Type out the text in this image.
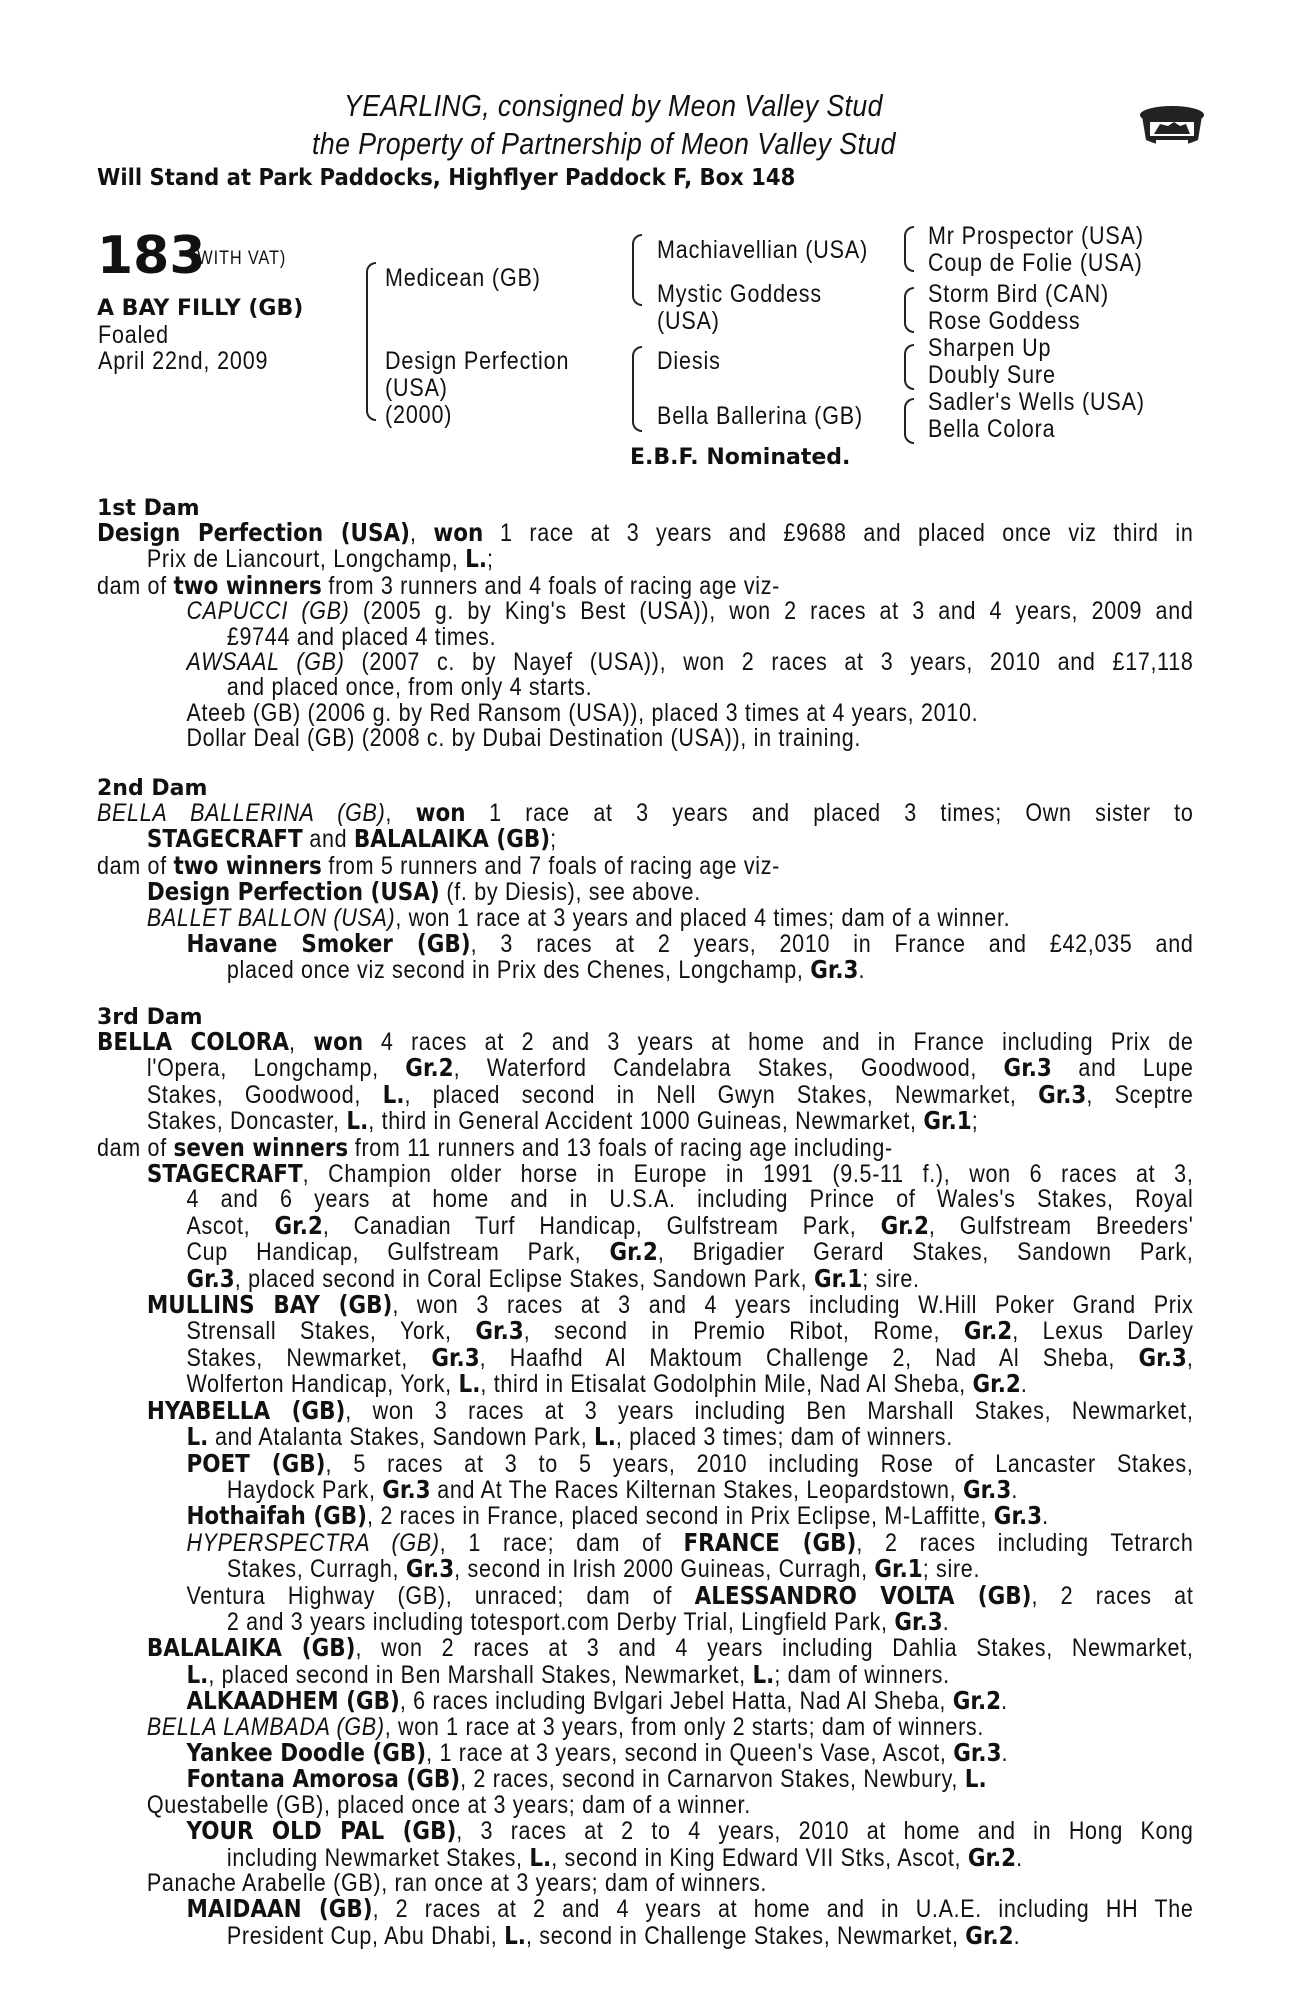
YEARLING, consigned by Meon Valley Stud
the Property of Partnership of Meon Valley Stud
Will Stand at Park Paddocks, Highflyer Paddock F, Box 148
183
(WITH VAT)
A BAY FILLY (GB)
Foaled
April 22nd, 2009
Medicean (GB)
Design Perfection
(USA)
(2000)
Machiavellian (USA)
Mystic Goddess
(USA)
Diesis
Bella Ballerina (GB)
Mr Prospector (USA)
Coup de Folie (USA)
Storm Bird (CAN)
Rose Goddess
Sharpen Up
Doubly Sure
Sadler's Wells (USA)
Bella Colora
E.B.F. Nominated.
1st Dam
Design Perfection (USA), won 1 race at 3 years and £9688 and placed once viz third in
Prix de Liancourt, Longchamp, L.;
dam of two winners from 3 runners and 4 foals of racing age viz-
CAPUCCI (GB) (2005 g. by King's Best (USA)), won 2 races at 3 and 4 years, 2009 and
£9744 and placed 4 times.
AWSAAL (GB) (2007 c. by Nayef (USA)), won 2 races at 3 years, 2010 and £17,118
and placed once, from only 4 starts.
Ateeb (GB) (2006 g. by Red Ransom (USA)), placed 3 times at 4 years, 2010.
Dollar Deal (GB) (2008 c. by Dubai Destination (USA)), in training.
2nd Dam
BELLA BALLERINA (GB), won 1 race at 3 years and placed 3 times; Own sister to
STAGECRAFT and BALALAIKA (GB);
dam of two winners from 5 runners and 7 foals of racing age viz-
Design Perfection (USA) (f. by Diesis), see above.
BALLET BALLON (USA), won 1 race at 3 years and placed 4 times; dam of a winner.
Havane Smoker (GB), 3 races at 2 years, 2010 in France and £42,035 and
placed once viz second in Prix des Chenes, Longchamp, Gr.3.
3rd Dam
BELLA COLORA, won 4 races at 2 and 3 years at home and in France including Prix de
l'Opera, Longchamp, Gr.2, Waterford Candelabra Stakes, Goodwood, Gr.3 and Lupe
Stakes, Goodwood, L., placed second in Nell Gwyn Stakes, Newmarket, Gr.3, Sceptre
Stakes, Doncaster, L., third in General Accident 1000 Guineas, Newmarket, Gr.1;
dam of seven winners from 11 runners and 13 foals of racing age including-
STAGECRAFT, Champion older horse in Europe in 1991 (9.5-11 f.), won 6 races at 3,
4 and 6 years at home and in U.S.A. including Prince of Wales's Stakes, Royal
Ascot, Gr.2, Canadian Turf Handicap, Gulfstream Park, Gr.2, Gulfstream Breeders'
Cup Handicap, Gulfstream Park, Gr.2, Brigadier Gerard Stakes, Sandown Park,
Gr.3, placed second in Coral Eclipse Stakes, Sandown Park, Gr.1; sire.
MULLINS BAY (GB), won 3 races at 3 and 4 years including W.Hill Poker Grand Prix
Strensall Stakes, York, Gr.3, second in Premio Ribot, Rome, Gr.2, Lexus Darley
Stakes, Newmarket, Gr.3, Haafhd Al Maktoum Challenge 2, Nad Al Sheba, Gr.3,
Wolferton Handicap, York, L., third in Etisalat Godolphin Mile, Nad Al Sheba, Gr.2.
HYABELLA (GB), won 3 races at 3 years including Ben Marshall Stakes, Newmarket,
L. and Atalanta Stakes, Sandown Park, L., placed 3 times; dam of winners.
POET (GB), 5 races at 3 to 5 years, 2010 including Rose of Lancaster Stakes,
Haydock Park, Gr.3 and At The Races Kilternan Stakes, Leopardstown, Gr.3.
Hothaifah (GB), 2 races in France, placed second in Prix Eclipse, M-Laffitte, Gr.3.
HYPERSPECTRA (GB), 1 race; dam of FRANCE (GB), 2 races including Tetrarch
Stakes, Curragh, Gr.3, second in Irish 2000 Guineas, Curragh, Gr.1; sire.
Ventura Highway (GB), unraced; dam of ALESSANDRO VOLTA (GB), 2 races at
2 and 3 years including totesport.com Derby Trial, Lingfield Park, Gr.3.
BALALAIKA (GB), won 2 races at 3 and 4 years including Dahlia Stakes, Newmarket,
L., placed second in Ben Marshall Stakes, Newmarket, L.; dam of winners.
ALKAADHEM (GB), 6 races including Bvlgari Jebel Hatta, Nad Al Sheba, Gr.2.
BELLA LAMBADA (GB), won 1 race at 3 years, from only 2 starts; dam of winners.
Yankee Doodle (GB), 1 race at 3 years, second in Queen's Vase, Ascot, Gr.3.
Fontana Amorosa (GB), 2 races, second in Carnarvon Stakes, Newbury, L.
Questabelle (GB), placed once at 3 years; dam of a winner.
YOUR OLD PAL (GB), 3 races at 2 to 4 years, 2010 at home and in Hong Kong
including Newmarket Stakes, L., second in King Edward VII Stks, Ascot, Gr.2.
Panache Arabelle (GB), ran once at 3 years; dam of winners.
MAIDAAN (GB), 2 races at 2 and 4 years at home and in U.A.E. including HH The
President Cup, Abu Dhabi, L., second in Challenge Stakes, Newmarket, Gr.2.
